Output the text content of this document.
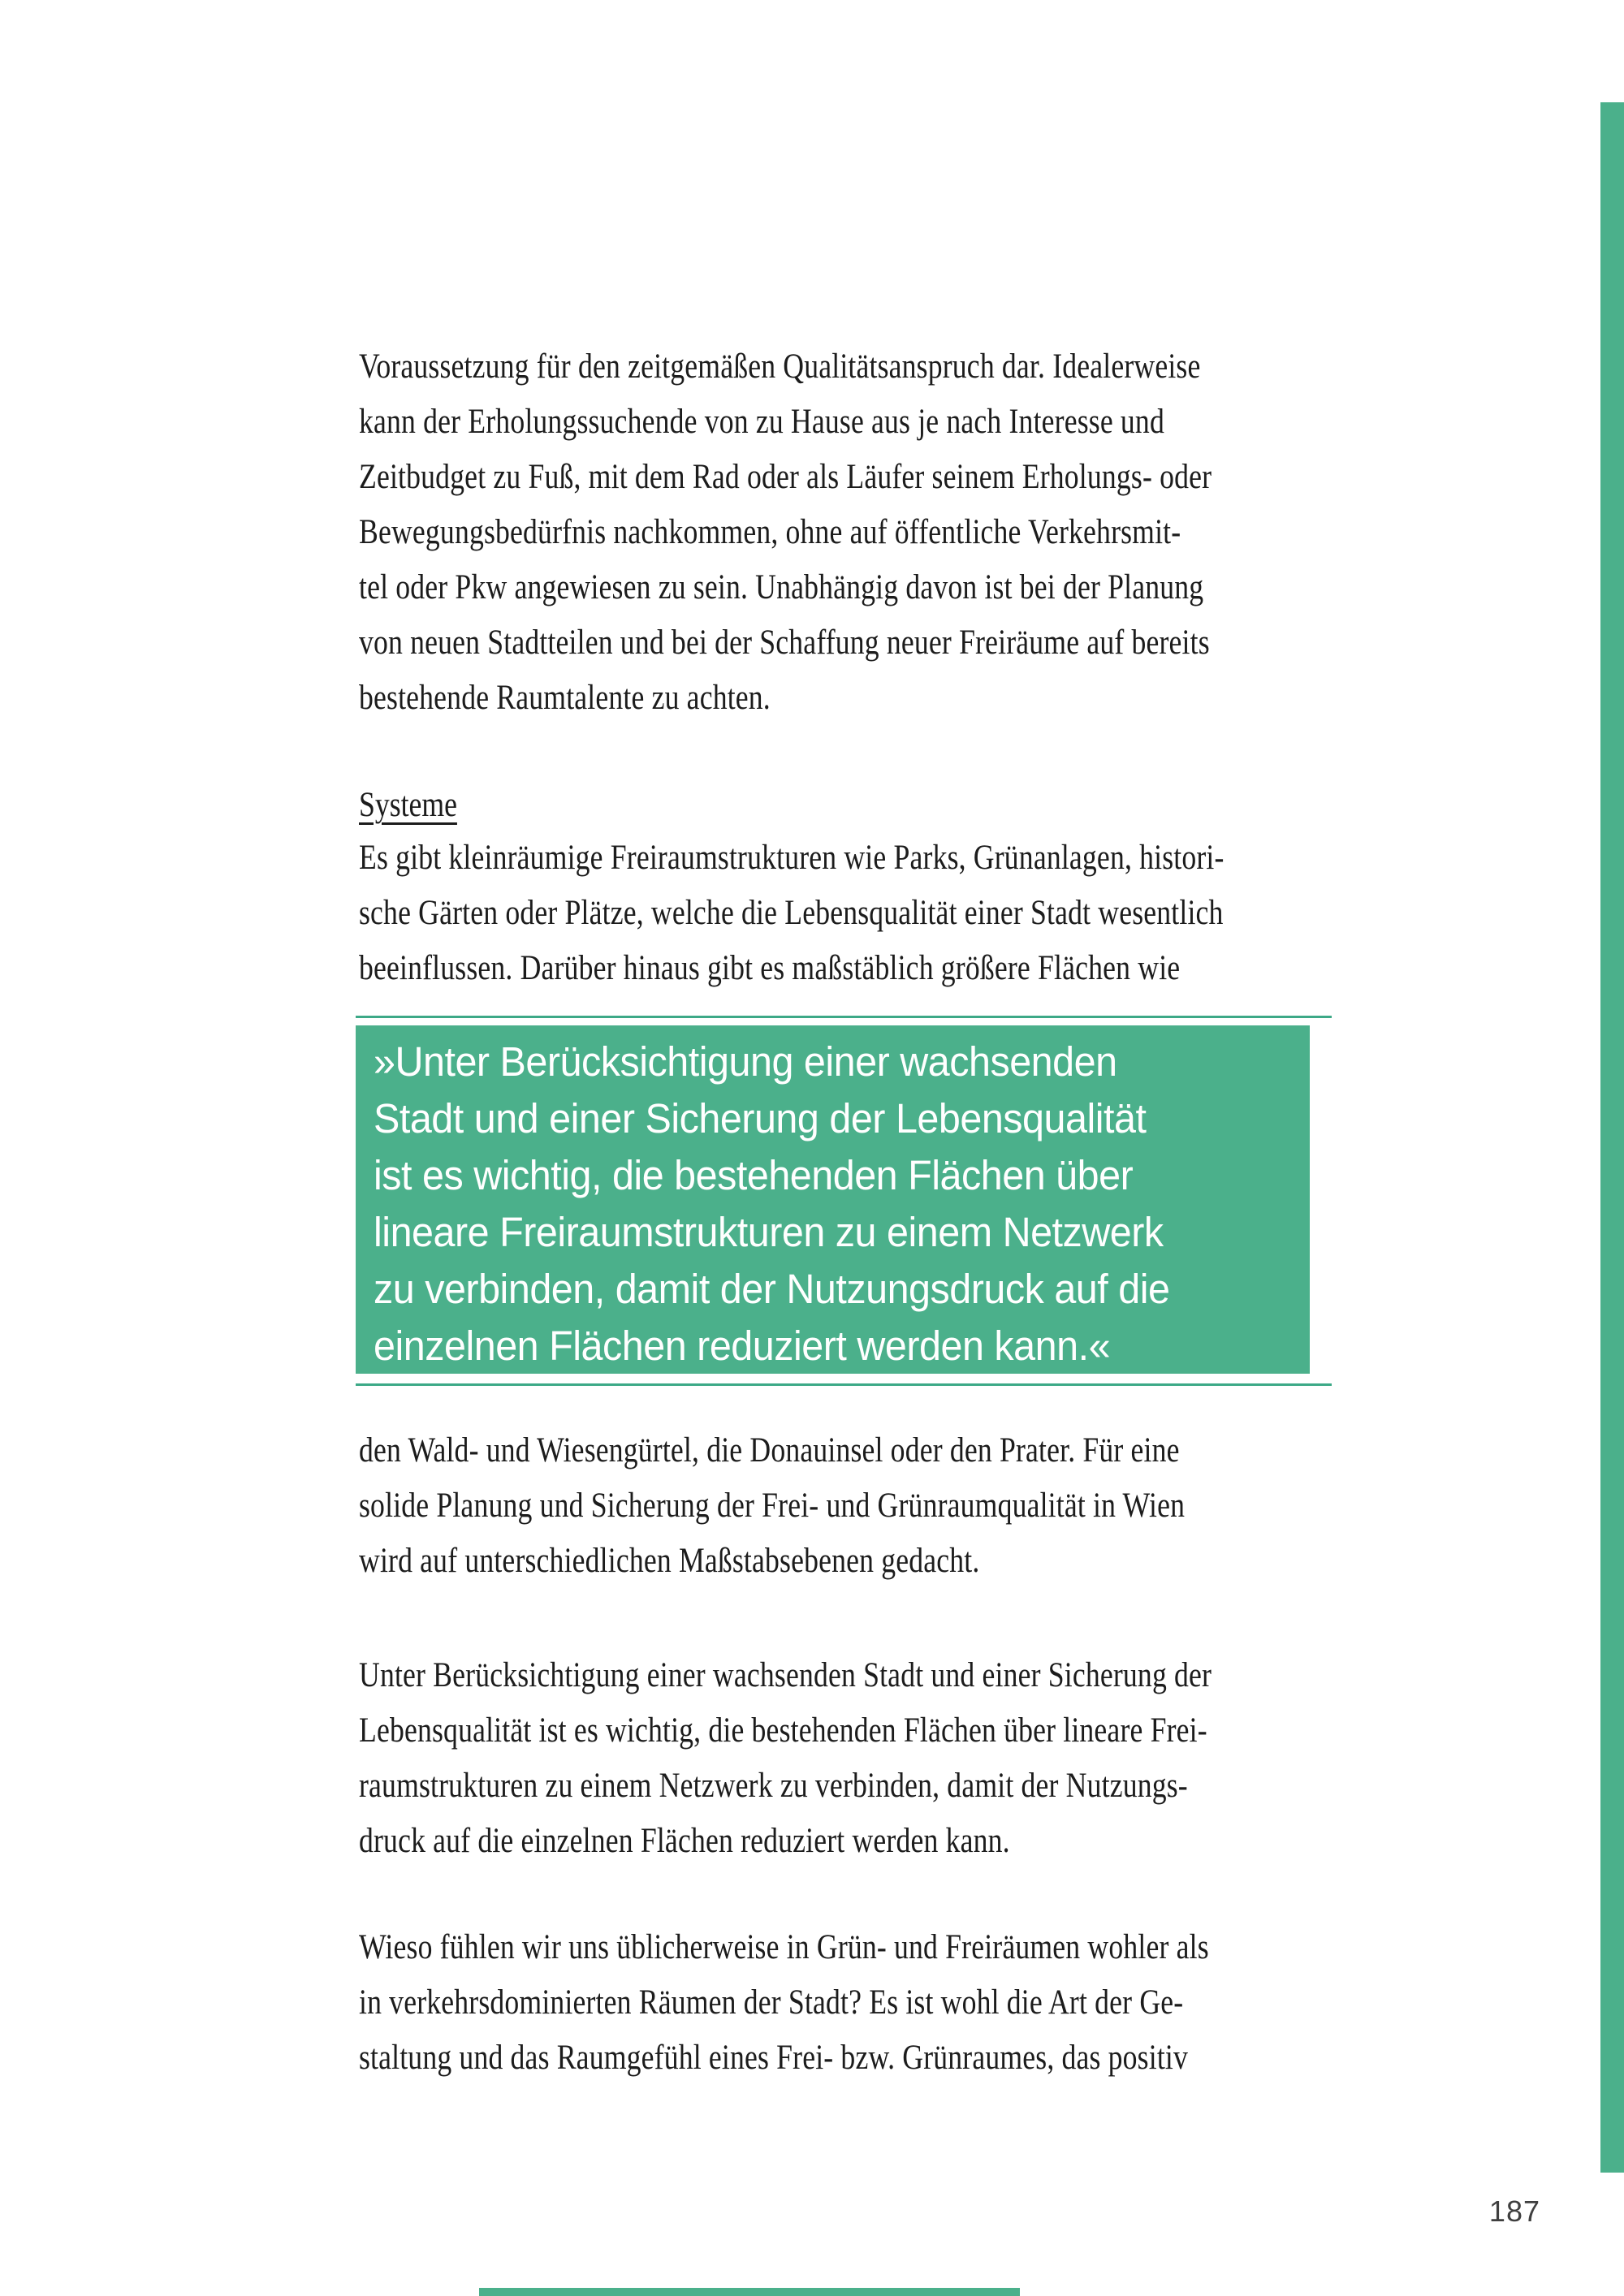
Voraussetzung für den zeitgemäßen Qualitätsanspruch dar. Idealerweise
kann der Erholungssuchende von zu Hause aus je nach Interesse und
Zeitbudget zu Fuß, mit dem Rad oder als Läufer seinem Erholungs- oder
Bewegungsbedürfnis nachkommen, ohne auf öffentliche Verkehrsmit-
tel oder Pkw angewiesen zu sein. Unabhängig davon ist bei der Planung
von neuen Stadtteilen und bei der Schaffung neuer Freiräume auf bereits
bestehende Raumtalente zu achten.
Systeme
Es gibt kleinräumige Freiraumstrukturen wie Parks, Grünanlagen, histori-
sche Gärten oder Plätze, welche die Lebensqualität einer Stadt wesentlich
beeinflussen. Darüber hinaus gibt es maßstäblich größere Flächen wie
»Unter Berücksichtigung einer wachsenden
Stadt und einer Sicherung der Lebensqualität
ist es wichtig, die bestehenden Flächen über
lineare Freiraumstrukturen zu einem Netzwerk
zu verbinden, damit der Nutzungsdruck auf die
einzelnen Flächen reduziert werden kann.«
den Wald- und Wiesengürtel, die Donauinsel oder den Prater. Für eine
solide Planung und Sicherung der Frei- und Grünraumqualität in Wien
wird auf unterschiedlichen Maßstabsebenen gedacht.
Unter Berücksichtigung einer wachsenden Stadt und einer Sicherung der
Lebensqualität ist es wichtig, die bestehenden Flächen über lineare Frei-
raumstrukturen zu einem Netzwerk zu verbinden, damit der Nutzungs-
druck auf die einzelnen Flächen reduziert werden kann.
Wieso fühlen wir uns üblicherweise in Grün- und Freiräumen wohler als
in verkehrsdominierten Räumen der Stadt? Es ist wohl die Art der Ge-
staltung und das Raumgefühl eines Frei- bzw. Grünraumes, das positiv
187
